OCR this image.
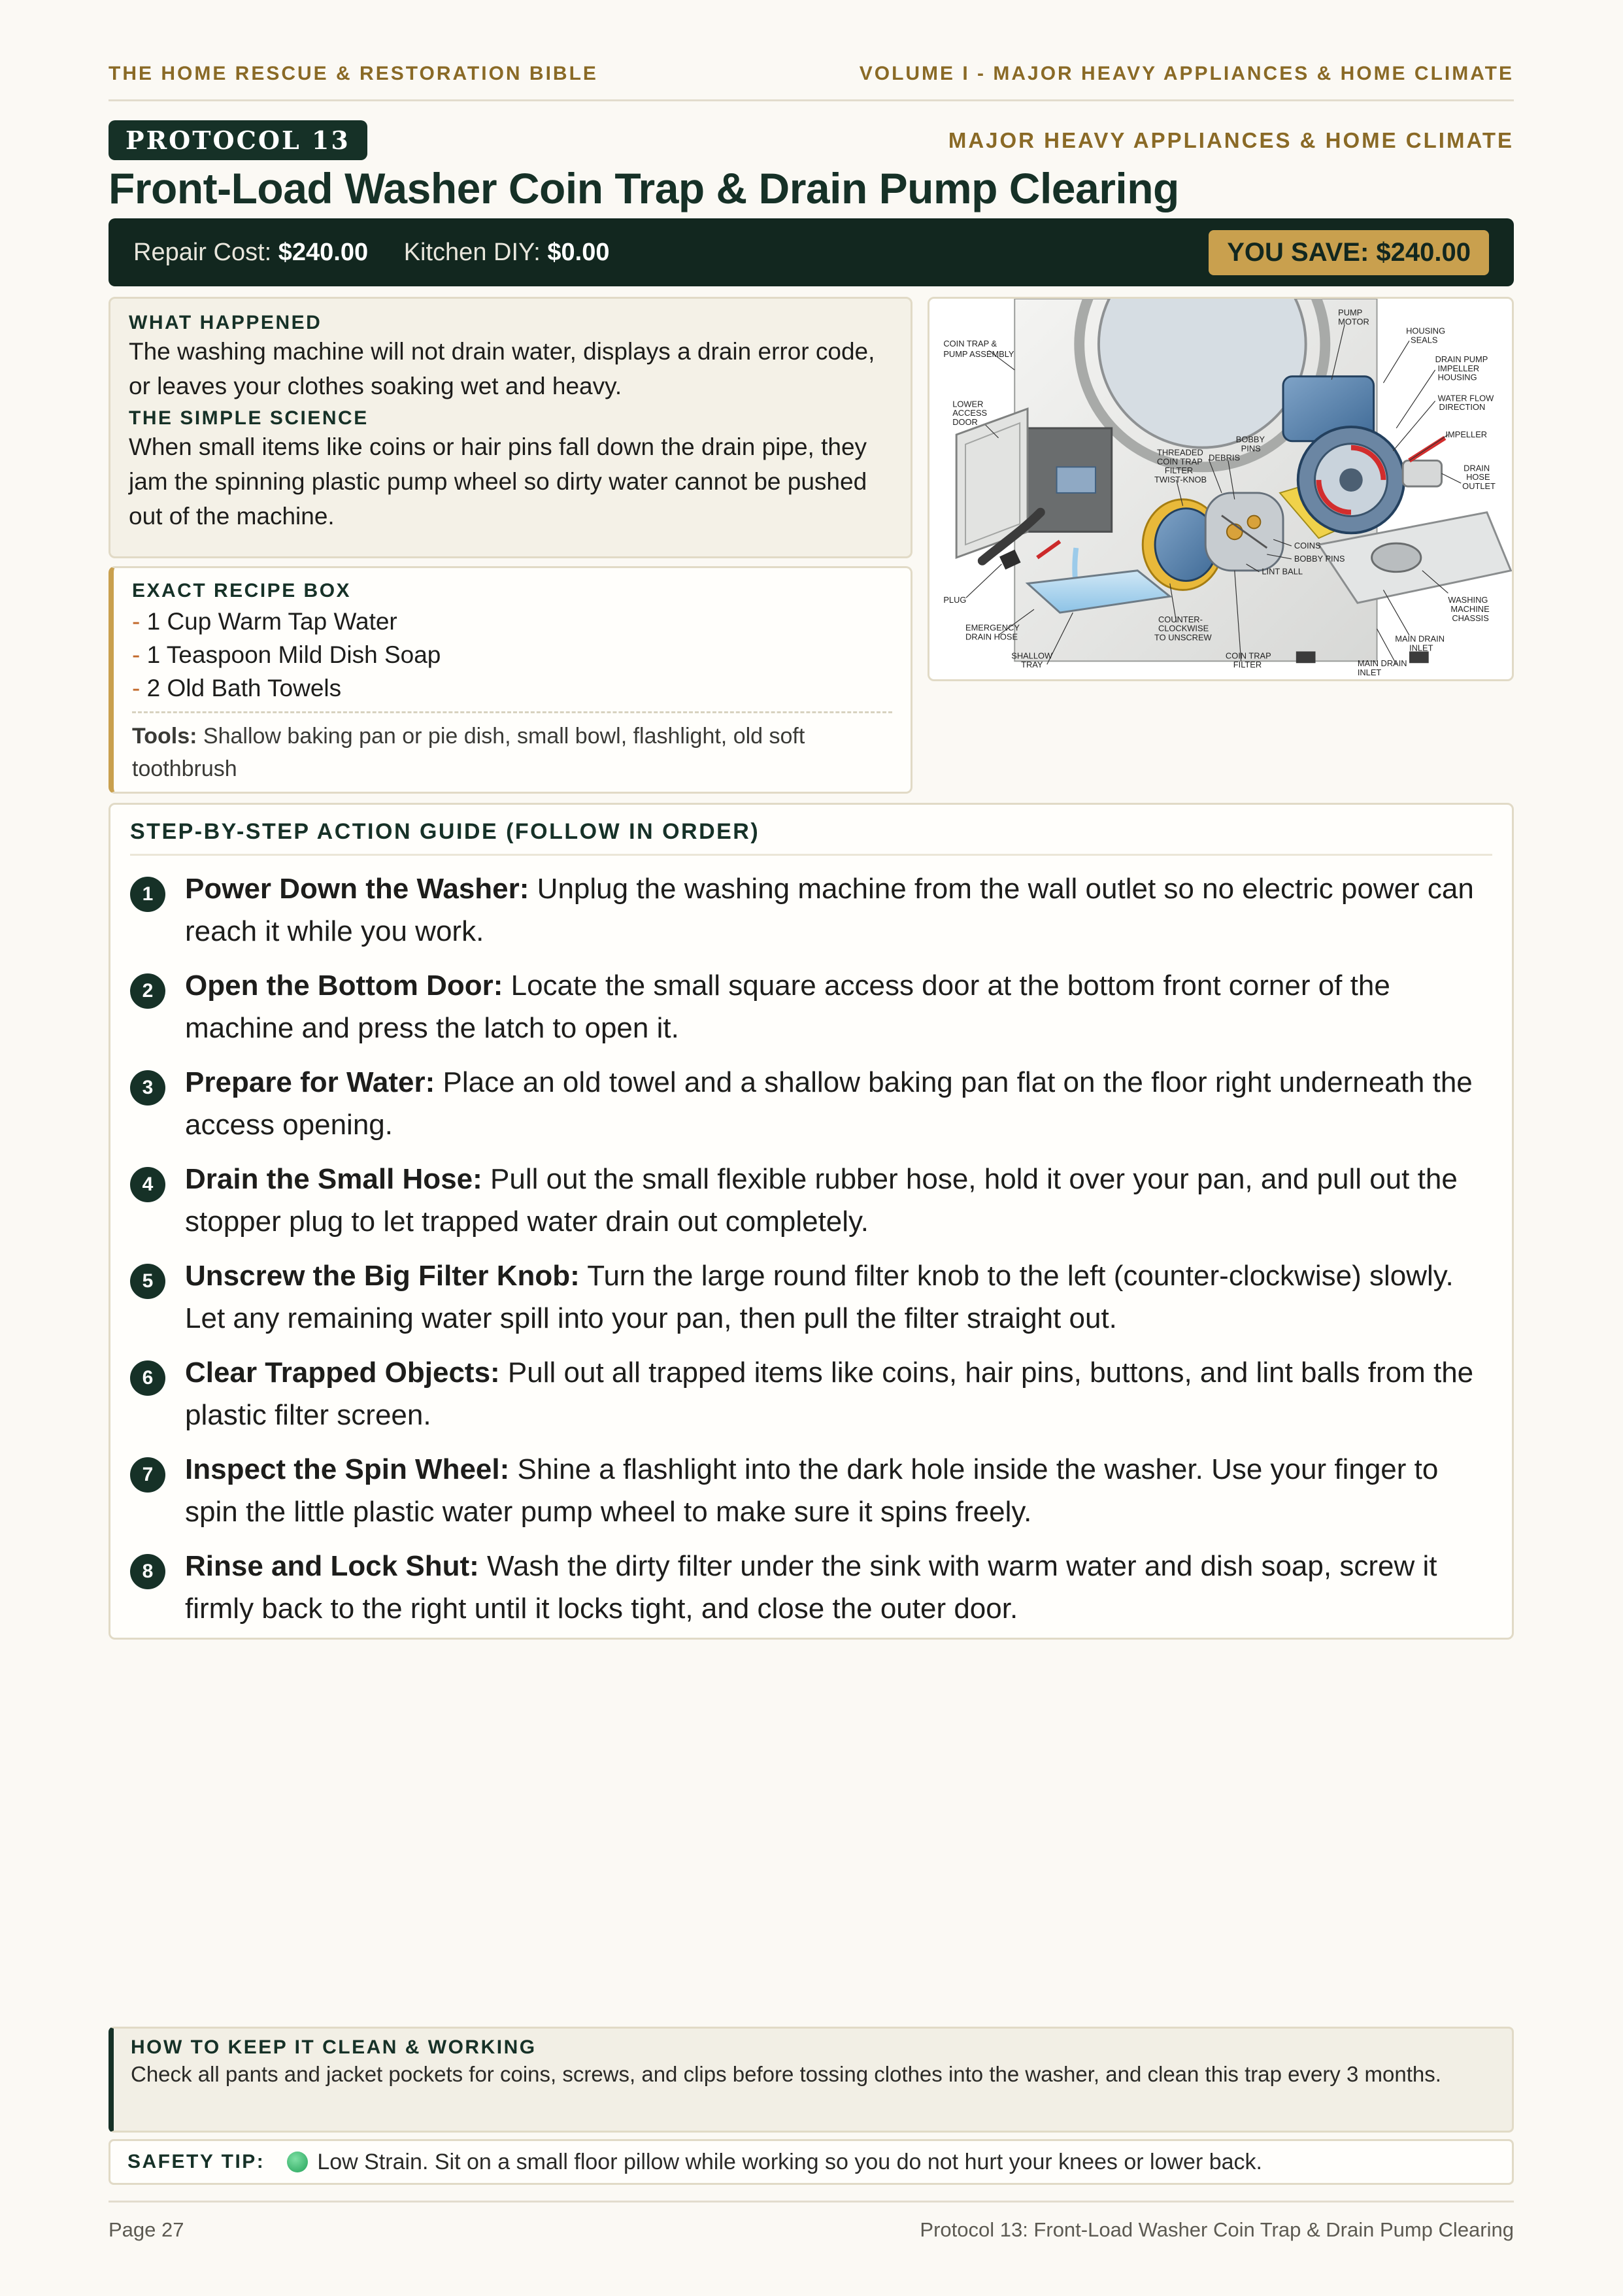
THE HOME RESCUE & RESTORATION BIBLE	VOLUME I - MAJOR HEAVY APPLIANCES & HOME CLIMATE
PROTOCOL 13	MAJOR HEAVY APPLIANCES & HOME CLIMATE
Front-Load Washer Coin Trap & Drain Pump Clearing
Repair Cost: $240.00 Kitchen DIY: $0.00	YOU SAVE: $240.00
WHAT HAPPENED
The washing machine will not drain water, displays a drain error code, or leaves your clothes soaking wet and heavy.
THE SIMPLE SCIENCE
When small items like coins or hair pins fall down the drain pipe, they jam the spinning plastic pump wheel so dirty water cannot be pushed out of the machine.
EXACT RECIPE BOX
- 1 Cup Warm Tap Water
- 1 Teaspoon Mild Dish Soap
- 2 Old Bath Towels
Tools: Shallow baking pan or pie dish, small bowl, flashlight, old soft toothbrush
COIN TRAP &
PUMP ASSEMBLY
LOWER
ACCESS
DOOR
PLUG
EMERGENCY
DRAIN HOSE
SHALLOW
TRAY
THREADED
COIN TRAP
FILTER
TWIST-KNOB
DEBRIS
BOBBY
PINS
COUNTER-
CLOCKWISE
TO UNSCREW
COIN TRAP
FILTER
COINS
BOBBY PINS
LINT BALL
PUMP
MOTOR
HOUSING
SEALS
DRAIN PUMP
IMPELLER
HOUSING
WATER FLOW
DIRECTION
IMPELLER
DRAIN
HOSE
OUTLET
WASHING
MACHINE
CHASSIS
MAIN DRAIN
INLET
MAIN DRAIN
INLET
STEP-BY-STEP ACTION GUIDE (FOLLOW IN ORDER)
1	Power Down the Washer: Unplug the washing machine from the wall outlet so no electric power can reach it while you work.
2	Open the Bottom Door: Locate the small square access door at the bottom front corner of the machine and press the latch to open it.
3	Prepare for Water: Place an old towel and a shallow baking pan flat on the floor right underneath the access opening.
4	Drain the Small Hose: Pull out the small flexible rubber hose, hold it over your pan, and pull out the stopper plug to let trapped water drain out completely.
5	Unscrew the Big Filter Knob: Turn the large round filter knob to the left (counter-clockwise) slowly. Let any remaining water spill into your pan, then pull the filter straight out.
6	Clear Trapped Objects: Pull out all trapped items like coins, hair pins, buttons, and lint balls from the plastic filter screen.
7	Inspect the Spin Wheel: Shine a flashlight into the dark hole inside the washer. Use your finger to spin the little plastic water pump wheel to make sure it spins freely.
8	Rinse and Lock Shut: Wash the dirty filter under the sink with warm water and dish soap, screw it firmly back to the right until it locks tight, and close the outer door.
HOW TO KEEP IT CLEAN & WORKING
Check all pants and jacket pockets for coins, screws, and clips before tossing clothes into the washer, and clean this trap every 3 months.
SAFETY TIP: Low Strain. Sit on a small floor pillow while working so you do not hurt your knees or lower back.
Page 27	Protocol 13: Front-Load Washer Coin Trap & Drain Pump Clearing
